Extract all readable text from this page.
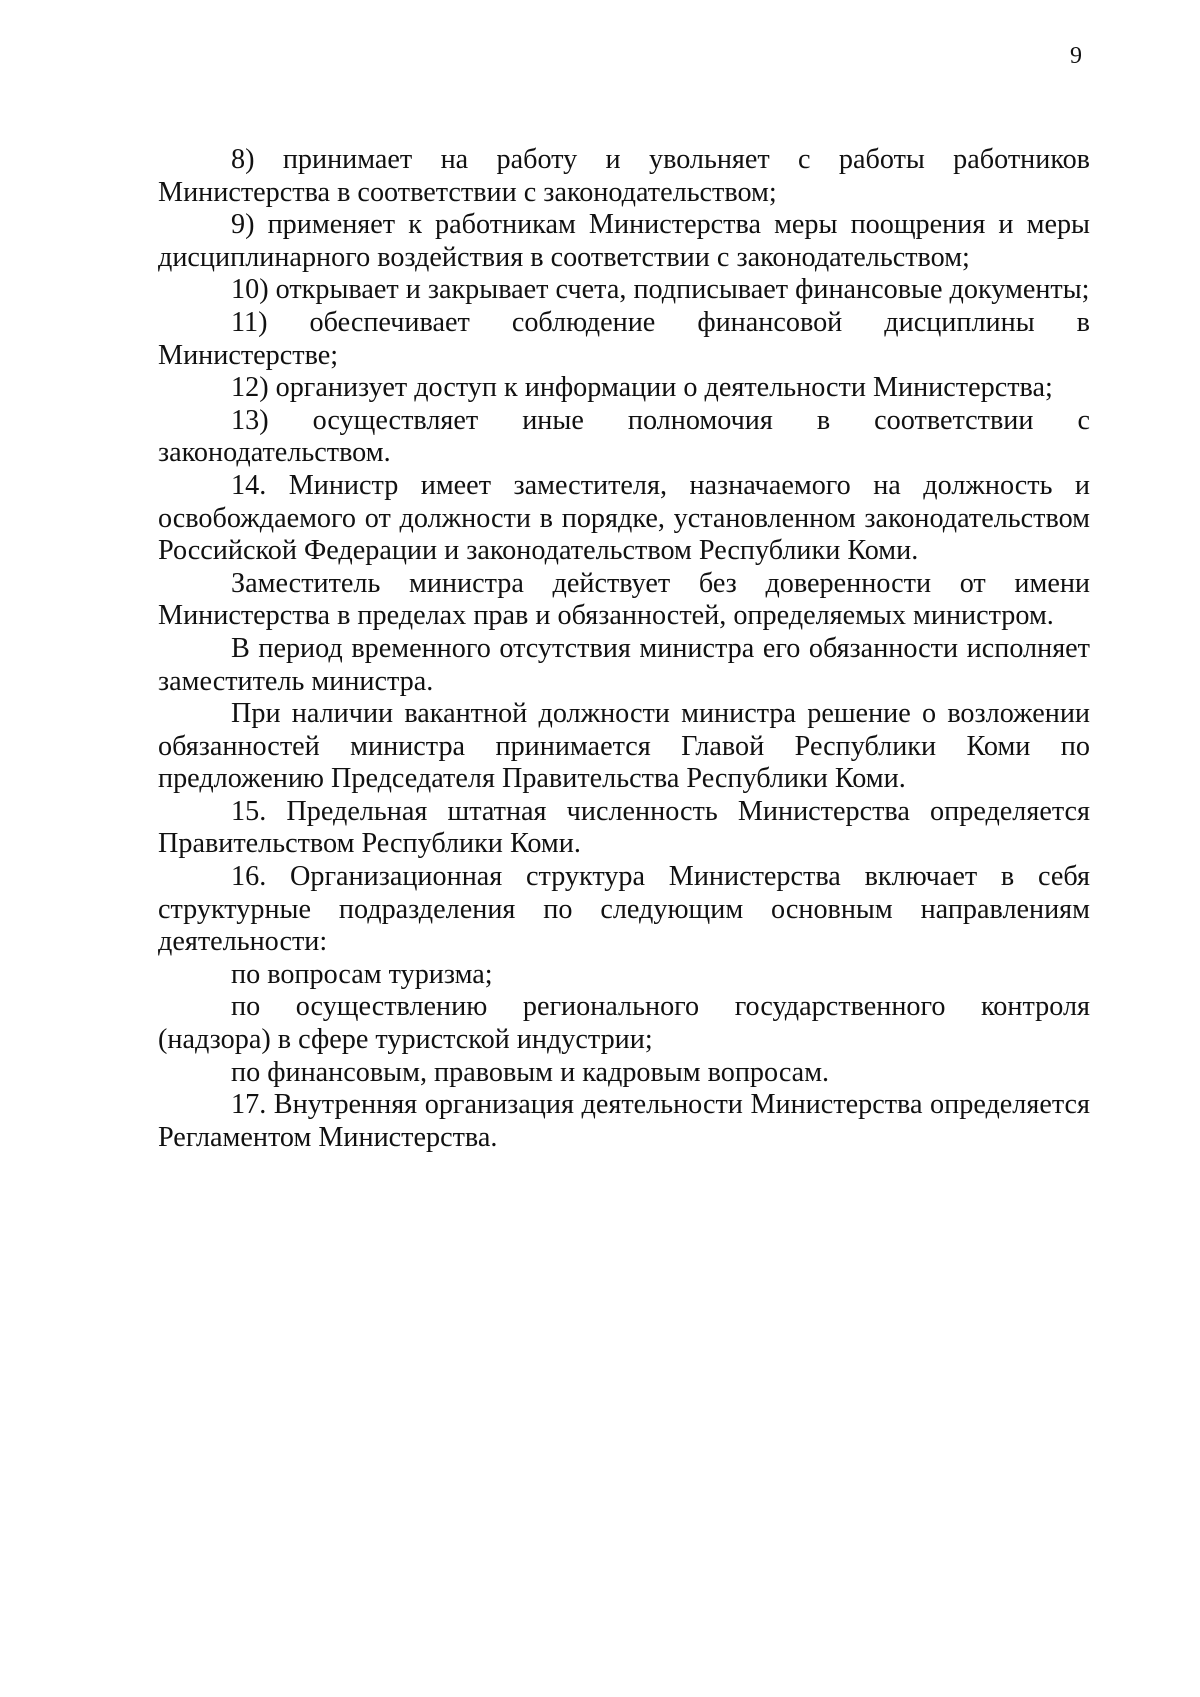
9

8) принимает на работу и увольняет с работы работников Министерства в соответствии с законодательством;

9) применяет к работникам Министерства меры поощрения и меры дисциплинарного воздействия в соответствии с законодательством;

10) открывает и закрывает счета, подписывает финансовые документы;

11) обеспечивает соблюдение финансовой дисциплины в Министерстве;

12) организует доступ к информации о деятельности Министерства;

13) осуществляет иные полномочия в соответствии с законодательством.

14. Министр имеет заместителя, назначаемого на должность и освобождаемого от должности в порядке, установленном законодательством Российской Федерации и законодательством Республики Коми.

Заместитель министра действует без доверенности от имени Министерства в пределах прав и обязанностей, определяемых министром.

В период временного отсутствия министра его обязанности исполняет заместитель министра.

При наличии вакантной должности министра решение о возложении обязанностей министра принимается Главой Республики Коми по предложению Председателя Правительства Республики Коми.

15. Предельная штатная численность Министерства определяется Правительством Республики Коми.

16. Организационная структура Министерства включает в себя структурные подразделения по следующим основным направлениям деятельности:

по вопросам туризма;

по осуществлению регионального государственного контроля (надзора) в сфере туристской индустрии;

по финансовым, правовым и кадровым вопросам.

17. Внутренняя организация деятельности Министерства определяется Регламентом Министерства.
